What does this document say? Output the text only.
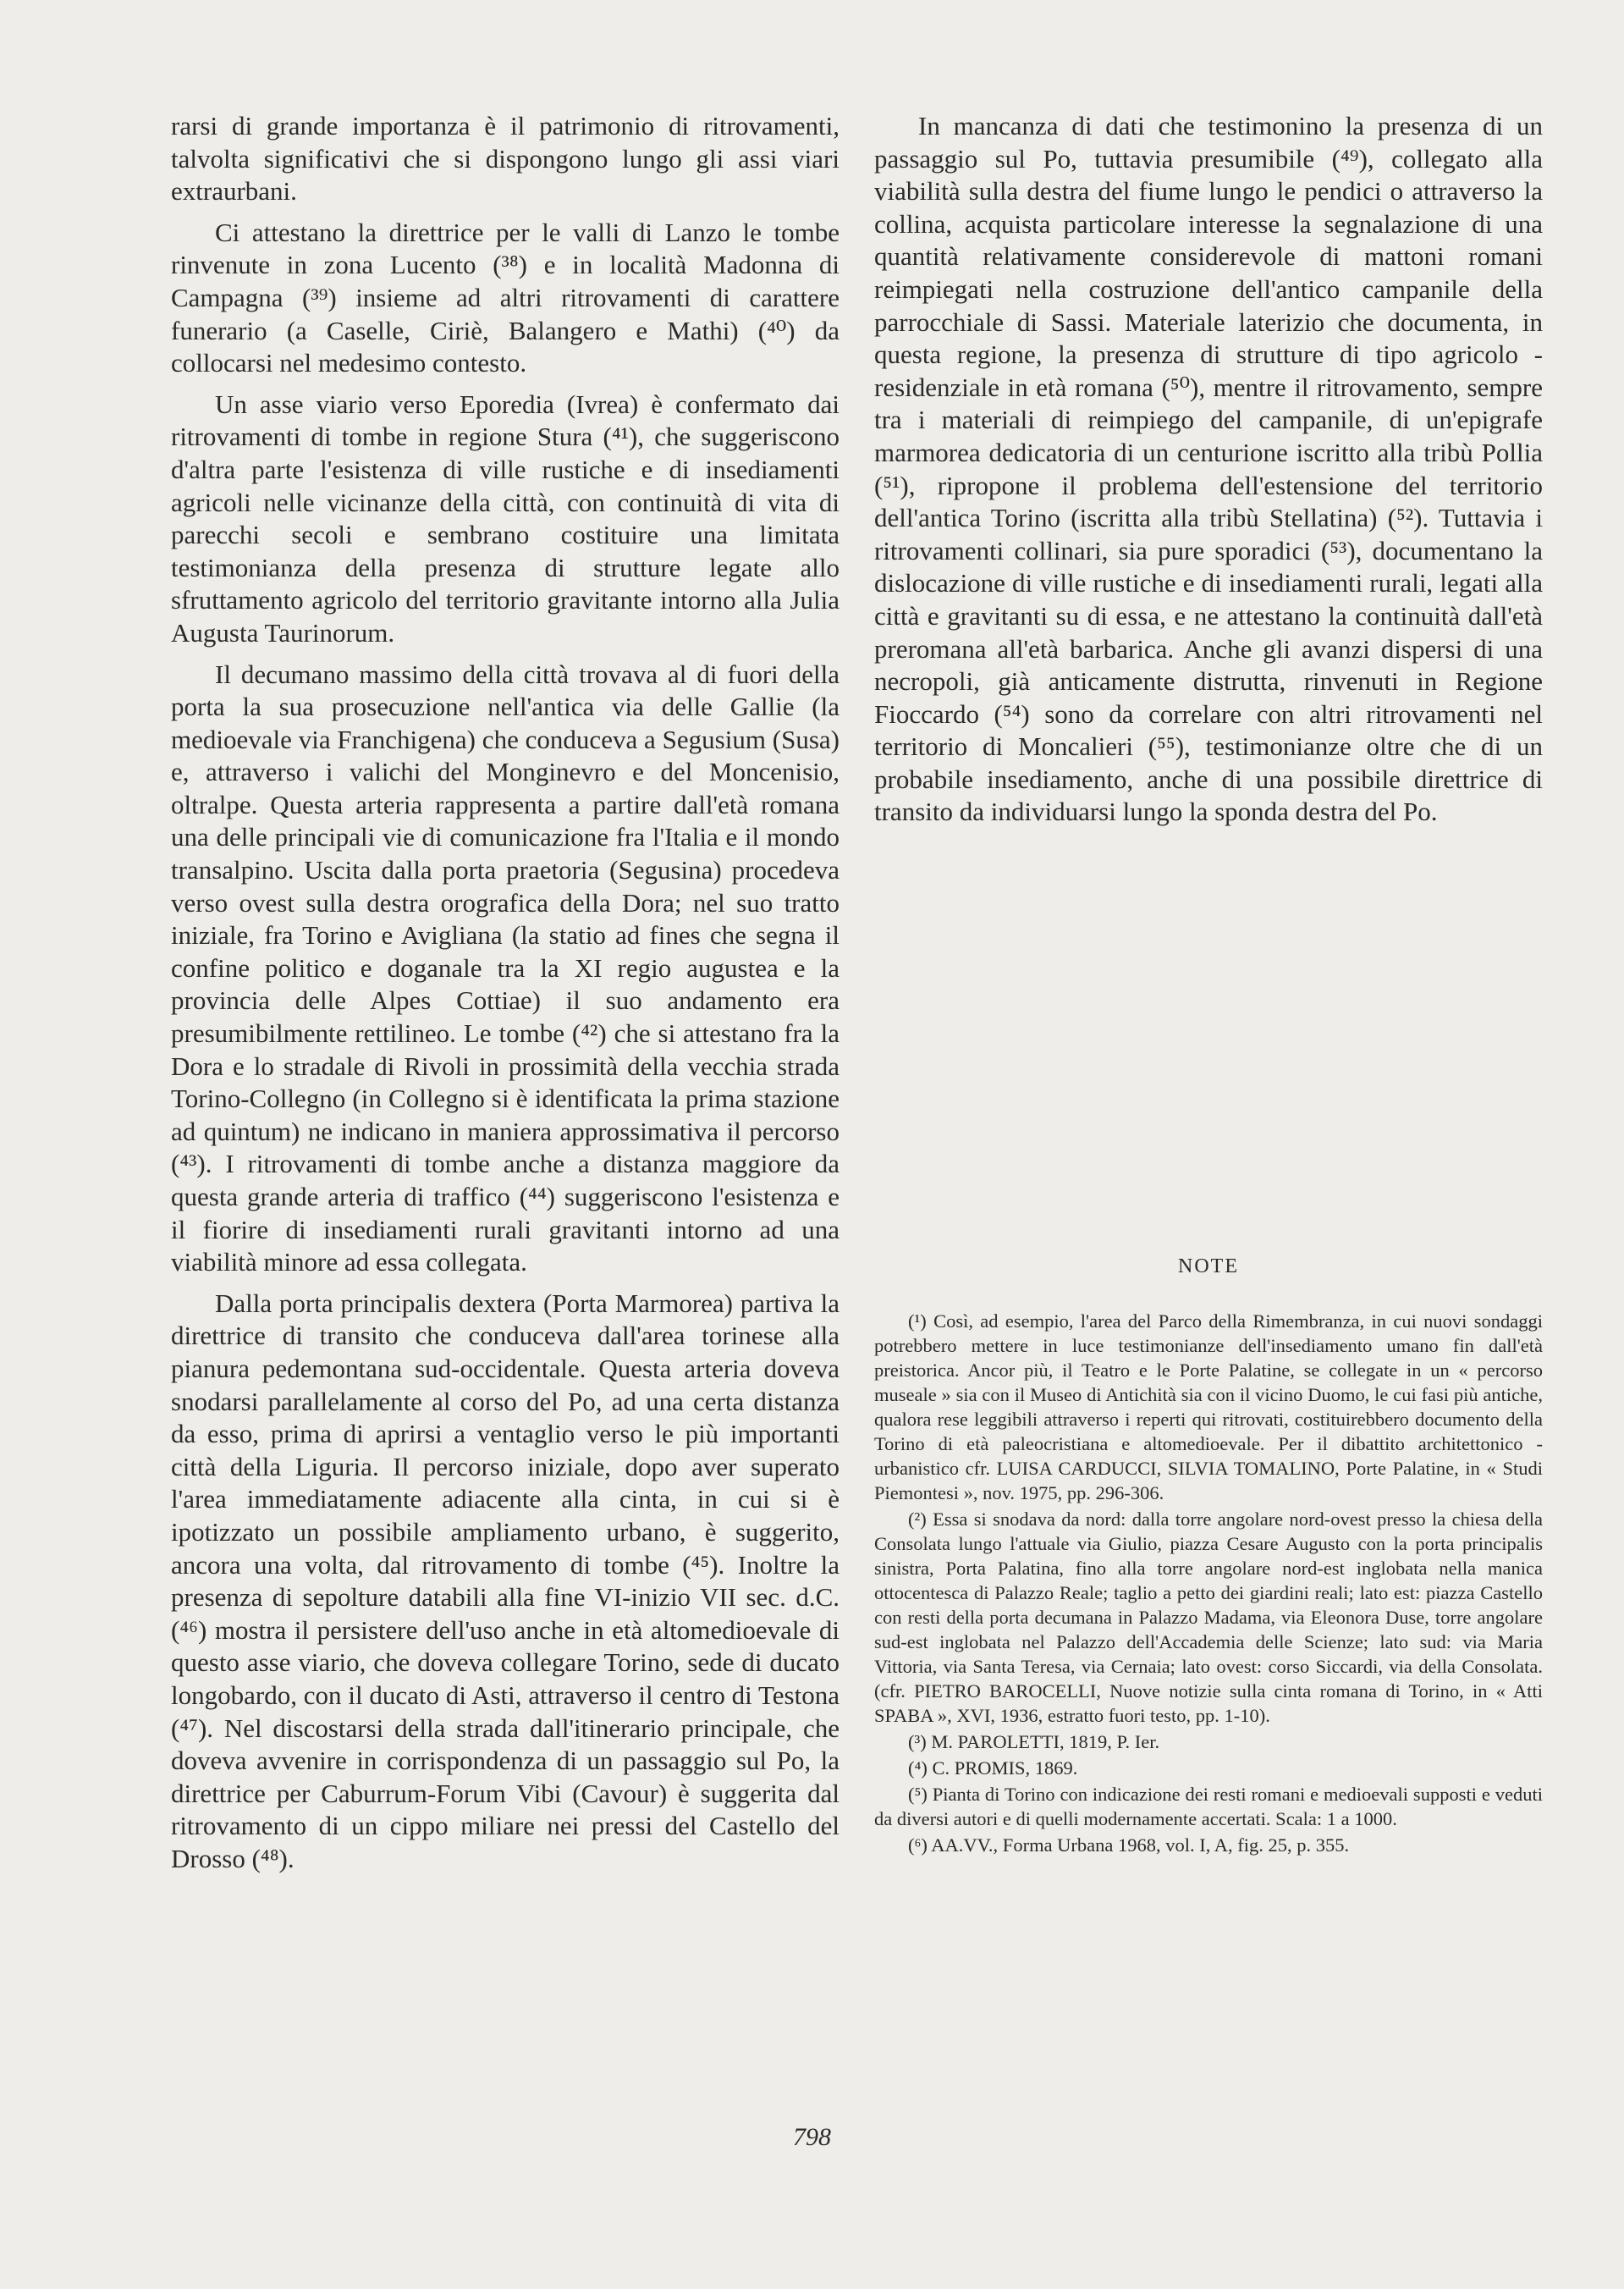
rarsi di grande importanza è il patrimonio di ritrovamenti, talvolta significativi che si dispongono lungo gli assi viari extraurbani.

Ci attestano la direttrice per le valli di Lanzo le tombe rinvenute in zona Lucento (³⁸) e in località Madonna di Campagna (³⁹) insieme ad altri ritrovamenti di carattere funerario (a Caselle, Ciriè, Balangero e Mathi) (⁴⁰) da collocarsi nel medesimo contesto.

Un asse viario verso Eporedia (Ivrea) è confermato dai ritrovamenti di tombe in regione Stura (⁴¹), che suggeriscono d'altra parte l'esistenza di ville rustiche e di insediamenti agricoli nelle vicinanze della città, con continuità di vita di parecchi secoli e sembrano costituire una limitata testimonianza della presenza di strutture legate allo sfruttamento agricolo del territorio gravitante intorno alla Julia Augusta Taurinorum.

Il decumano massimo della città trovava al di fuori della porta la sua prosecuzione nell'antica via delle Gallie (la medioevale via Franchigena) che conduceva a Segusium (Susa) e, attraverso i valichi del Monginevro e del Moncenisio, oltralpe. Questa arteria rappresenta a partire dall'età romana una delle principali vie di comunicazione fra l'Italia e il mondo transalpino. Uscita dalla porta praetoria (Segusina) procedeva verso ovest sulla destra orografica della Dora; nel suo tratto iniziale, fra Torino e Avigliana (la statio ad fines che segna il confine politico e doganale tra la XI regio augustea e la provincia delle Alpes Cottiae) il suo andamento era presumibilmente rettilineo. Le tombe (⁴²) che si attestano fra la Dora e lo stradale di Rivoli in prossimità della vecchia strada Torino-Collegno (in Collegno si è identificata la prima stazione ad quintum) ne indicano in maniera approssimativa il percorso (⁴³). I ritrovamenti di tombe anche a distanza maggiore da questa grande arteria di traffico (⁴⁴) suggeriscono l'esistenza e il fiorire di insediamenti rurali gravitanti intorno ad una viabilità minore ad essa collegata.

Dalla porta principalis dextera (Porta Marmorea) partiva la direttrice di transito che conduceva dall'area torinese alla pianura pedemontana sud-occidentale. Questa arteria doveva snodarsi parallelamente al corso del Po, ad una certa distanza da esso, prima di aprirsi a ventaglio verso le più importanti città della Liguria. Il percorso iniziale, dopo aver superato l'area immediatamente adiacente alla cinta, in cui si è ipotizzato un possibile ampliamento urbano, è suggerito, ancora una volta, dal ritrovamento di tombe (⁴⁵). Inoltre la presenza di sepolture databili alla fine VI-inizio VII sec. d.C. (⁴⁶) mostra il persistere dell'uso anche in età altomedioevale di questo asse viario, che doveva collegare Torino, sede di ducato longobardo, con il ducato di Asti, attraverso il centro di Testona (⁴⁷). Nel discostarsi della strada dall'itinerario principale, che doveva avvenire in corrispondenza di un passaggio sul Po, la direttrice per Caburrum-Forum Vibi (Cavour) è suggerita dal ritrovamento di un cippo miliare nei pressi del Castello del Drosso (⁴⁸).

In mancanza di dati che testimonino la presenza di un passaggio sul Po, tuttavia presumibile (⁴⁹), collegato alla viabilità sulla destra del fiume lungo le pendici o attraverso la collina, acquista particolare interesse la segnalazione di una quantità relativamente considerevole di mattoni romani reimpiegati nella costruzione dell'antico campanile della parrocchiale di Sassi. Materiale laterizio che documenta, in questa regione, la presenza di strutture di tipo agricolo - residenziale in età romana (⁵⁰), mentre il ritrovamento, sempre tra i materiali di reimpiego del campanile, di un'epigrafe marmorea dedicatoria di un centurione iscritto alla tribù Pollia (⁵¹), ripropone il problema dell'estensione del territorio dell'antica Torino (iscritta alla tribù Stellatina) (⁵²). Tuttavia i ritrovamenti collinari, sia pure sporadici (⁵³), documentano la dislocazione di ville rustiche e di insediamenti rurali, legati alla città e gravitanti su di essa, e ne attestano la continuità dall'età preromana all'età barbarica. Anche gli avanzi dispersi di una necropoli, già anticamente distrutta, rinvenuti in Regione Fioccardo (⁵⁴) sono da correlare con altri ritrovamenti nel territorio di Moncalieri (⁵⁵), testimonianze oltre che di un probabile insediamento, anche di una possibile direttrice di transito da individuarsi lungo la sponda destra del Po.

NOTE

(¹) Così, ad esempio, l'area del Parco della Rimembranza, in cui nuovi sondaggi potrebbero mettere in luce testimonianze dell'insediamento umano fin dall'età preistorica. Ancor più, il Teatro e le Porte Palatine, se collegate in un « percorso museale » sia con il Museo di Antichità sia con il vicino Duomo, le cui fasi più antiche, qualora rese leggibili attraverso i reperti qui ritrovati, costituirebbero documento della Torino di età paleocristiana e altomedioevale. Per il dibattito architettonico - urbanistico cfr. LUISA CARDUCCI, SILVIA TOMALINO, Porte Palatine, in « Studi Piemontesi », nov. 1975, pp. 296-306.

(²) Essa si snodava da nord: dalla torre angolare nord-ovest presso la chiesa della Consolata lungo l'attuale via Giulio, piazza Cesare Augusto con la porta principalis sinistra, Porta Palatina, fino alla torre angolare nord-est inglobata nella manica ottocentesca di Palazzo Reale; taglio a petto dei giardini reali; lato est: piazza Castello con resti della porta decumana in Palazzo Madama, via Eleonora Duse, torre angolare sud-est inglobata nel Palazzo dell'Accademia delle Scienze; lato sud: via Maria Vittoria, via Santa Teresa, via Cernaia; lato ovest: corso Siccardi, via della Consolata. (cfr. PIETRO BAROCELLI, Nuove notizie sulla cinta romana di Torino, in « Atti SPABA », XVI, 1936, estratto fuori testo, pp. 1-10).

(³) M. PAROLETTI, 1819, P. Ier.

(⁴) C. PROMIS, 1869.

(⁵) Pianta di Torino con indicazione dei resti romani e medioevali supposti e veduti da diversi autori e di quelli modernamente accertati. Scala: 1 a 1000.

(⁶) AA.VV., Forma Urbana 1968, vol. I, A, fig. 25, p. 355.

798
